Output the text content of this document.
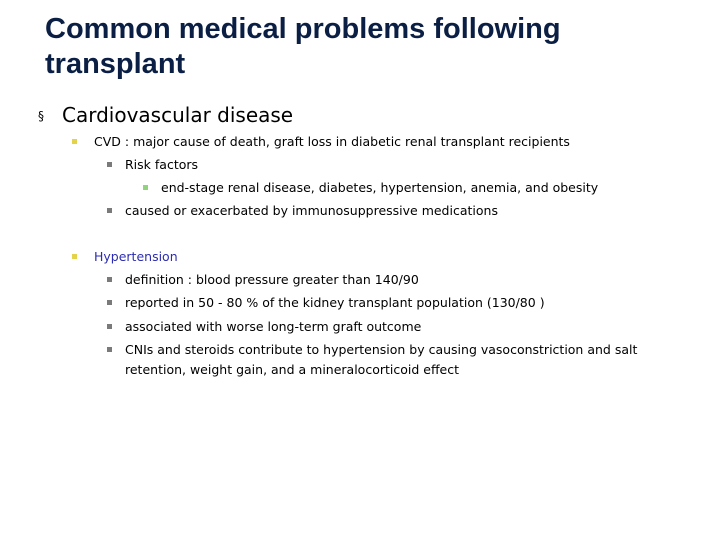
Common medical problems following transplant
§ Cardiovascular disease
CVD : major cause of death, graft loss in diabetic renal transplant recipients
Risk factors
end-stage renal disease, diabetes, hypertension, anemia, and obesity
caused or exacerbated by immunosuppressive medications
Hypertension
definition : blood pressure greater than 140/90
reported in 50 - 80 % of the kidney transplant population (130/80 )
associated with worse long-term graft outcome
CNIs and steroids contribute to hypertension by causing vasoconstriction and salt retention, weight gain, and a mineralocorticoid effect
